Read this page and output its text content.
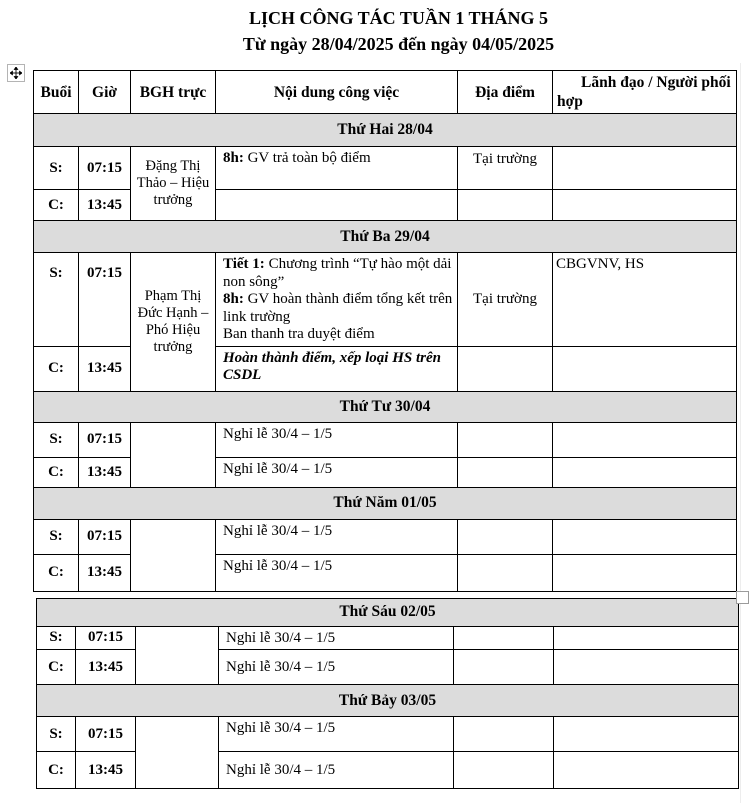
LỊCH CÔNG TÁC TUẦN 1 THÁNG 5
Từ ngày 28/04/2025 đến ngày 04/05/2025
Buổi	Giờ	BGH trực	Nội dung công việc	Địa điểm	Lãnh đạo / Người phối hợp
Thứ Hai 28/04					
S:	07:15	Đặng Thị Thảo – Hiệu trưởng	8h: GV trả toàn bộ điểm	Tại trường	
C:	13:45				
Thứ Ba 29/04					
S:	07:15	Phạm Thị Đức Hạnh – Phó Hiệu trưởng	Tiết 1: Chương trình “Tự hào một dải non sông”
8h: GV hoàn thành điểm tổng kết trên link trường
Ban thanh tra duyệt điểm	Tại trường	CBGVNV, HS
C:	13:45		Hoàn thành điểm, xếp loại HS trên CSDL		
Thứ Tư 30/04					
S:	07:15		Nghỉ lễ 30/4 – 1/5		
C:	13:45		Nghỉ lễ 30/4 – 1/5		
Thứ Năm 01/05					
S:	07:15		Nghỉ lễ 30/4 – 1/5		
C:	13:45		Nghỉ lễ 30/4 – 1/5		
Thứ Sáu 02/05					
S:	07:15		Nghỉ lễ 30/4 – 1/5		
C:	13:45		Nghỉ lễ 30/4 – 1/5		
Thứ Bảy 03/05					
S:	07:15		Nghỉ lễ 30/4 – 1/5		
C:	13:45		Nghỉ lễ 30/4 – 1/5		
